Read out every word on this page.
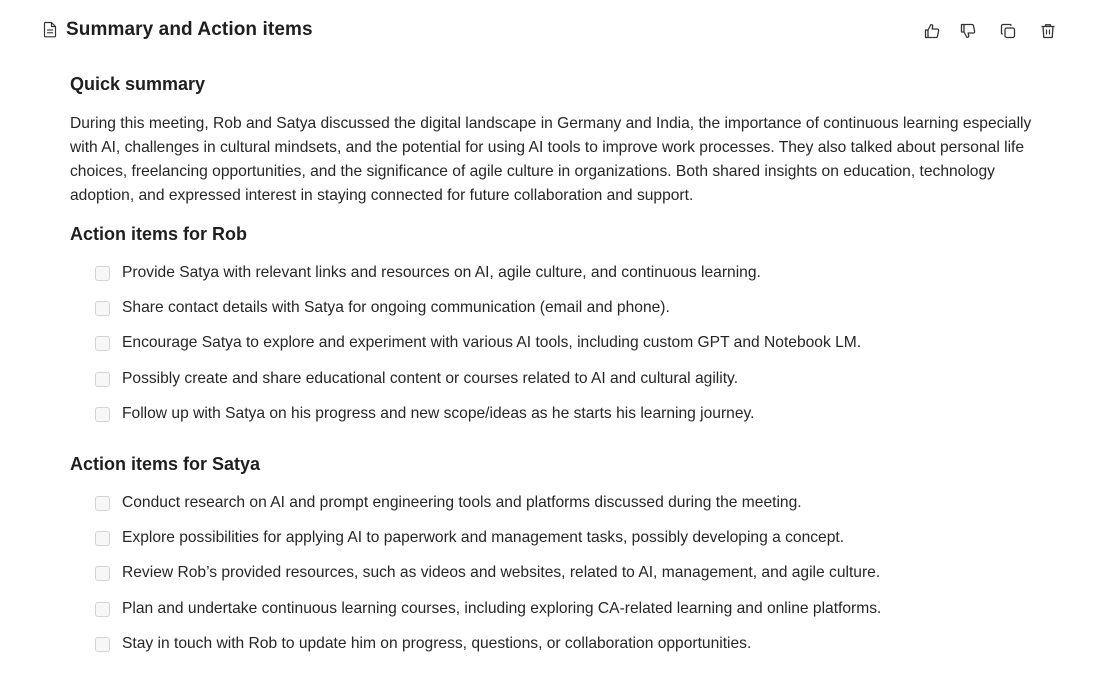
Summary and Action items
Quick summary

During this meeting, Rob and Satya discussed the digital landscape in Germany and India, the importance of continuous learning especially with AI, challenges in cultural mindsets, and the potential for using AI tools to improve work processes. They also talked about personal life choices, freelancing opportunities, and the significance of agile culture in organizations. Both shared insights on education, technology adoption, and expressed interest in staying connected for future collaboration and support.

Action items for Rob
Provide Satya with relevant links and resources on AI, agile culture, and continuous learning.
Share contact details with Satya for ongoing communication (email and phone).
Encourage Satya to explore and experiment with various AI tools, including custom GPT and Notebook LM.
Possibly create and share educational content or courses related to AI and cultural agility.
Follow up with Satya on his progress and new scope/ideas as he starts his learning journey.
Action items for Satya
Conduct research on AI and prompt engineering tools and platforms discussed during the meeting.
Explore possibilities for applying AI to paperwork and management tasks, possibly developing a concept.
Review Rob’s provided resources, such as videos and websites, related to AI, management, and agile culture.
Plan and undertake continuous learning courses, including exploring CA-related learning and online platforms.
Stay in touch with Rob to update him on progress, questions, or collaboration opportunities.
